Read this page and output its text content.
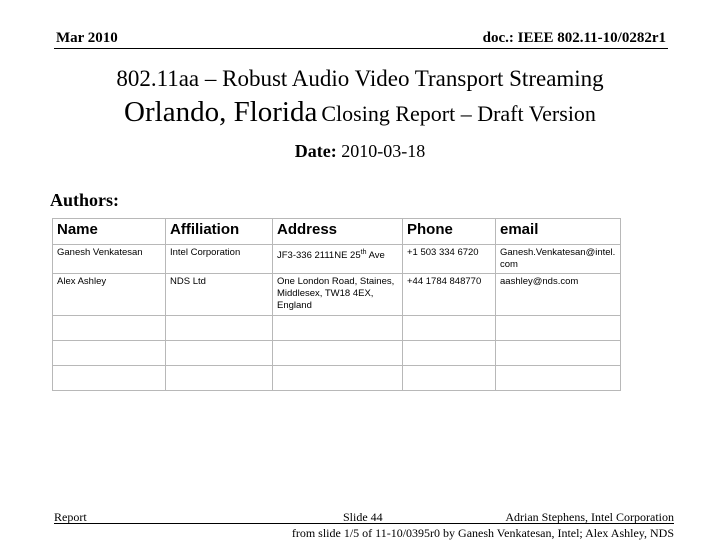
Mar 2010	doc.: IEEE 802.11-10/0282r1
802.11aa – Robust Audio Video Transport Streaming
Orlando, Florida Closing Report – Draft Version
Date: 2010-03-18
Authors:
Name	Affiliation	Address	Phone	email
Ganesh Venkatesan	Intel Corporation	JF3-336 2111NE 25th Ave	+1 503 334 6720	Ganesh.Venkatesan@intel.com
Alex Ashley	NDS Ltd	One London Road, Staines, Middlesex, TW18 4EX, England	+44 1784 848770	aashley@nds.com

Report	Slide 44	Adrian Stephens, Intel Corporation
from slide 1/5 of 11-10/0395r0 by Ganesh Venkatesan, Intel; Alex Ashley, NDS
